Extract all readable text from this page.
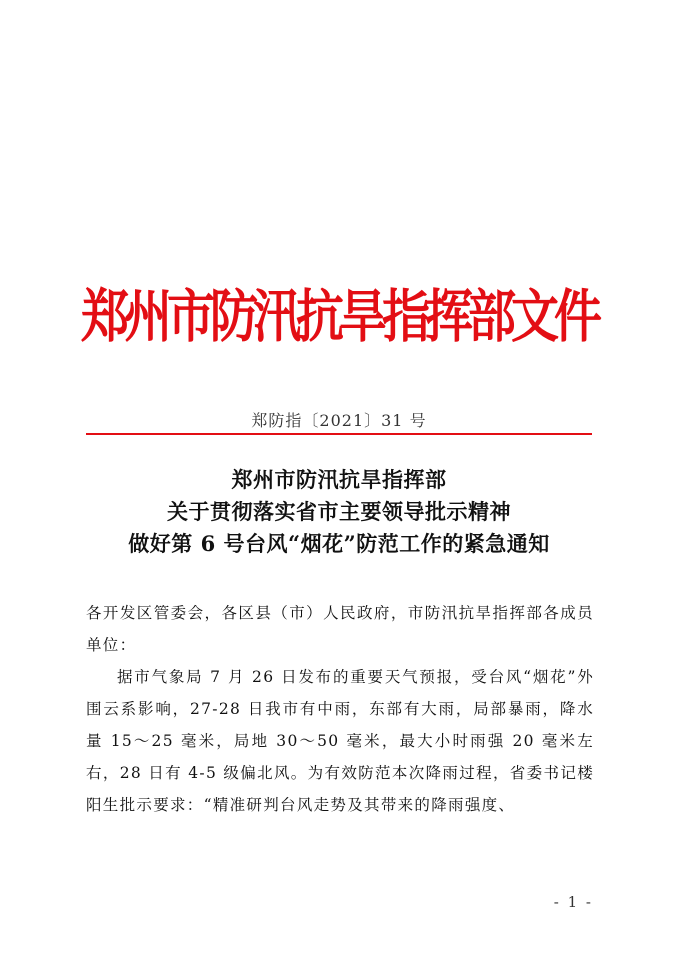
郑州市防汛抗旱指挥部文件
郑防指〔2021〕31 号
郑州市防汛抗旱指挥部
关于贯彻落实省市主要领导批示精神
做好第 6 号台风“烟花”防范工作的紧急通知

各开发区管委会，各区县（市）人民政府，市防汛抗旱指挥部各成员单位：

据市气象局 7 月 26 日发布的重要天气预报，受台风“烟花”外围云系影响，27-28 日我市有中雨，东部有大雨，局部暴雨，降水量 15～25 毫米，局地 30～50 毫米，最大小时雨强 20 毫米左右，28 日有 4-5 级偏北风。为有效防范本次降雨过程，省委书记楼阳生批示要求：“精准研判台风走势及其带来的降雨强度、

- 1 -
